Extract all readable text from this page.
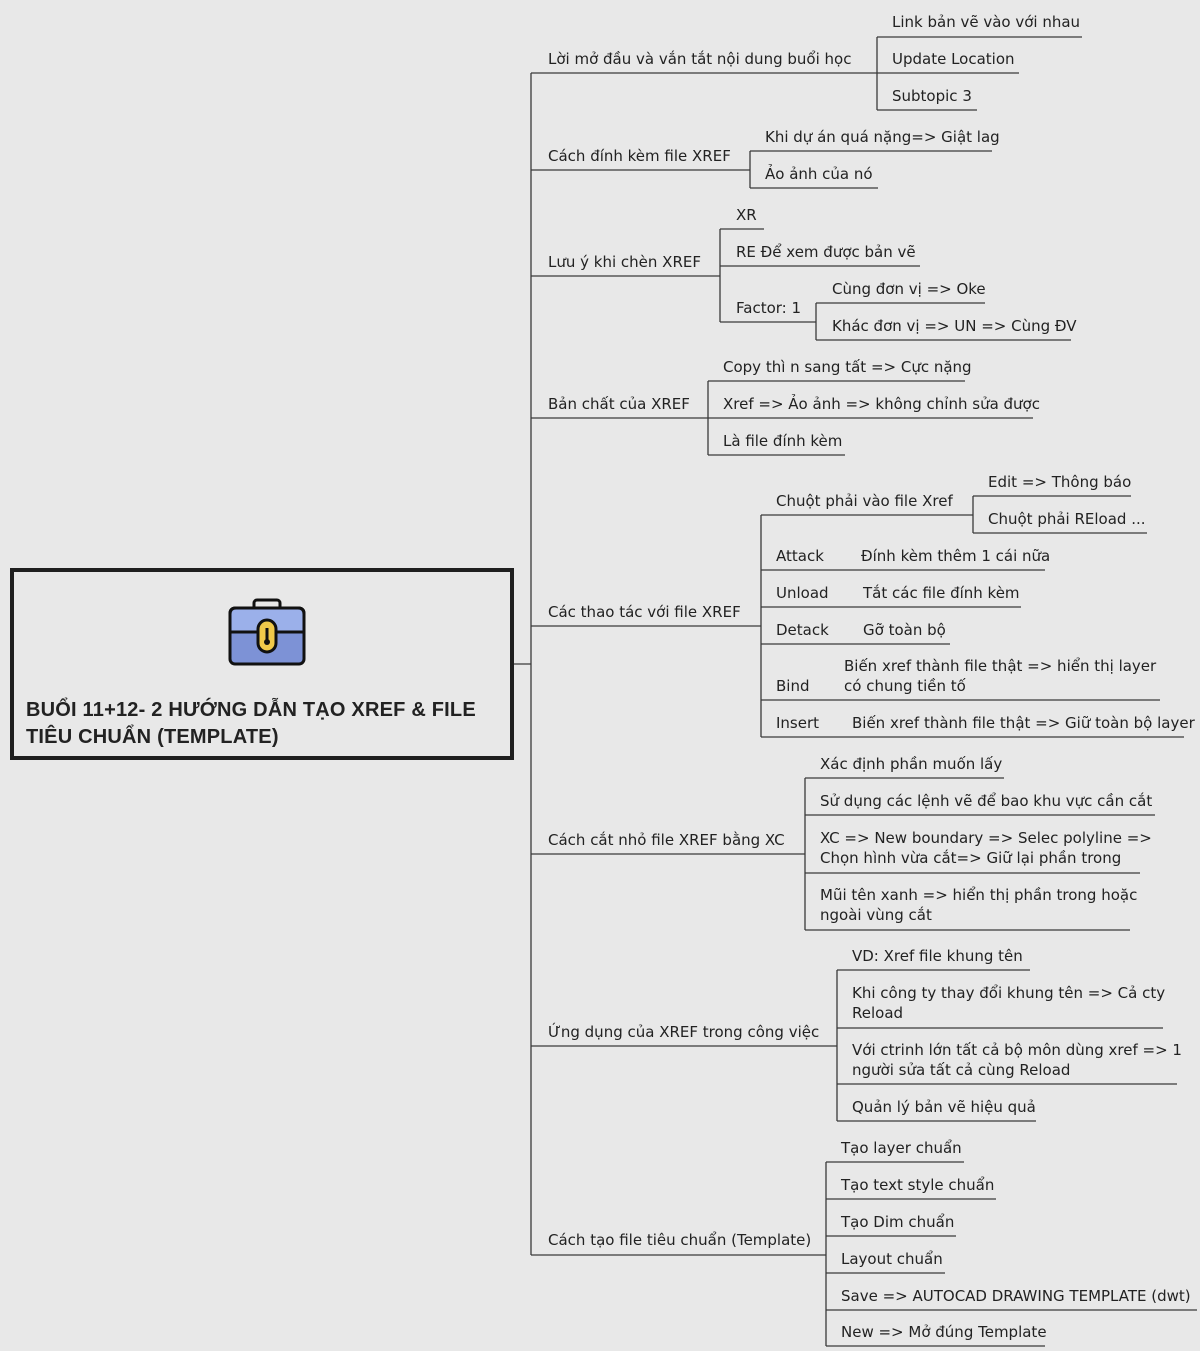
BUỔI 11+12- 2 HƯỚNG DẪN TẠO XREF & FILE TIÊU CHUẨN (TEMPLATE)
Lời mở đầu và vắn tắt nội dung buổi học
Link bản vẽ vào với nhau
Update Location
Subtopic 3
Cách đính kèm file XREF
Khi dự án quá nặng=> Giật lag
Ảo ảnh của nó
Lưu ý khi chèn XREF
XR
RE Để xem được bản vẽ
Factor: 1
Cùng đơn vị => Oke
Khác đơn vị => UN => Cùng ĐV
Bản chất của XREF
Copy thì n sang tất => Cực nặng
Xref => Ảo ảnh => không chỉnh sửa được
Là file đính kèm
Các thao tác với file XREF
Chuột phải vào file Xref
Edit => Thông báo
Chuột phải REload ...
Attack Đính kèm thêm 1 cái nữa
Unload Tắt các file đính kèm
Detack Gỡ toàn bộ
Bind
Biến xref thành file thật => hiển thị layer
có chung tiền tố
Insert Biến xref thành file thật => Giữ toàn bộ layer
Cách cắt nhỏ file XREF bằng XC
Xác định phần muốn lấy
Sử dụng các lệnh vẽ để bao khu vực cần cắt
XC => New boundary => Selec polyline =>
Chọn hình vừa cắt=> Giữ lại phần trong
Mũi tên xanh => hiển thị phần trong hoặc
ngoài vùng cắt
Ứng dụng của XREF trong công việc
VD: Xref file khung tên
Khi công ty thay đổi khung tên => Cả cty
Reload
Với ctrinh lớn tất cả bộ môn dùng xref => 1
người sửa tất cả cùng Reload
Quản lý bản vẽ hiệu quả
Cách tạo file tiêu chuẩn (Template)
Tạo layer chuẩn
Tạo text style chuẩn
Tạo Dim chuẩn
Layout chuẩn
Save => AUTOCAD DRAWING TEMPLATE (dwt)
New => Mở đúng Template
